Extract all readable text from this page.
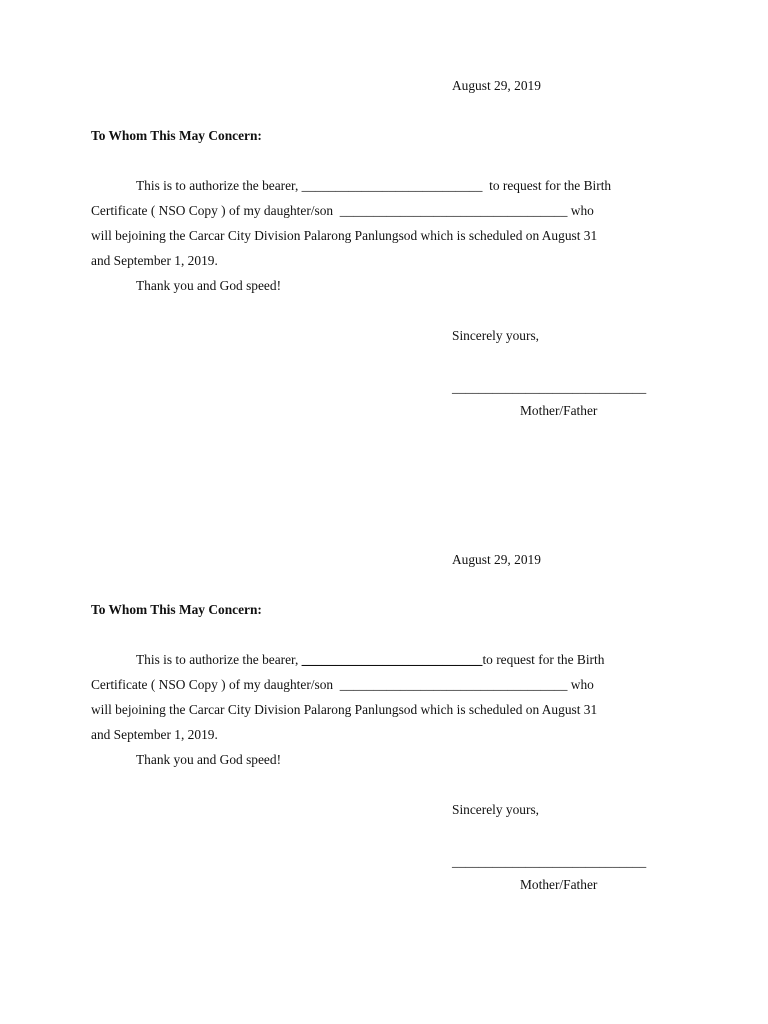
August 29, 2019
To Whom This May Concern:
This is to authorize the bearer, ___________________________  to request for the Birth
Certificate ( NSO Copy ) of my daughter/son  __________________________________ who
will bejoining the Carcar City Division Palarong Panlungsod which is scheduled on August 31
and September 1, 2019.
Thank you and God speed!
Sincerely yours,
_____________________________
Mother/Father
August 29, 2019
To Whom This May Concern:
This is to authorize the bearer, ___________________________to request for the Birth
Certificate ( NSO Copy ) of my daughter/son  __________________________________ who
will bejoining the Carcar City Division Palarong Panlungsod which is scheduled on August 31
and September 1, 2019.
Thank you and God speed!
Sincerely yours,
_____________________________
Mother/Father
